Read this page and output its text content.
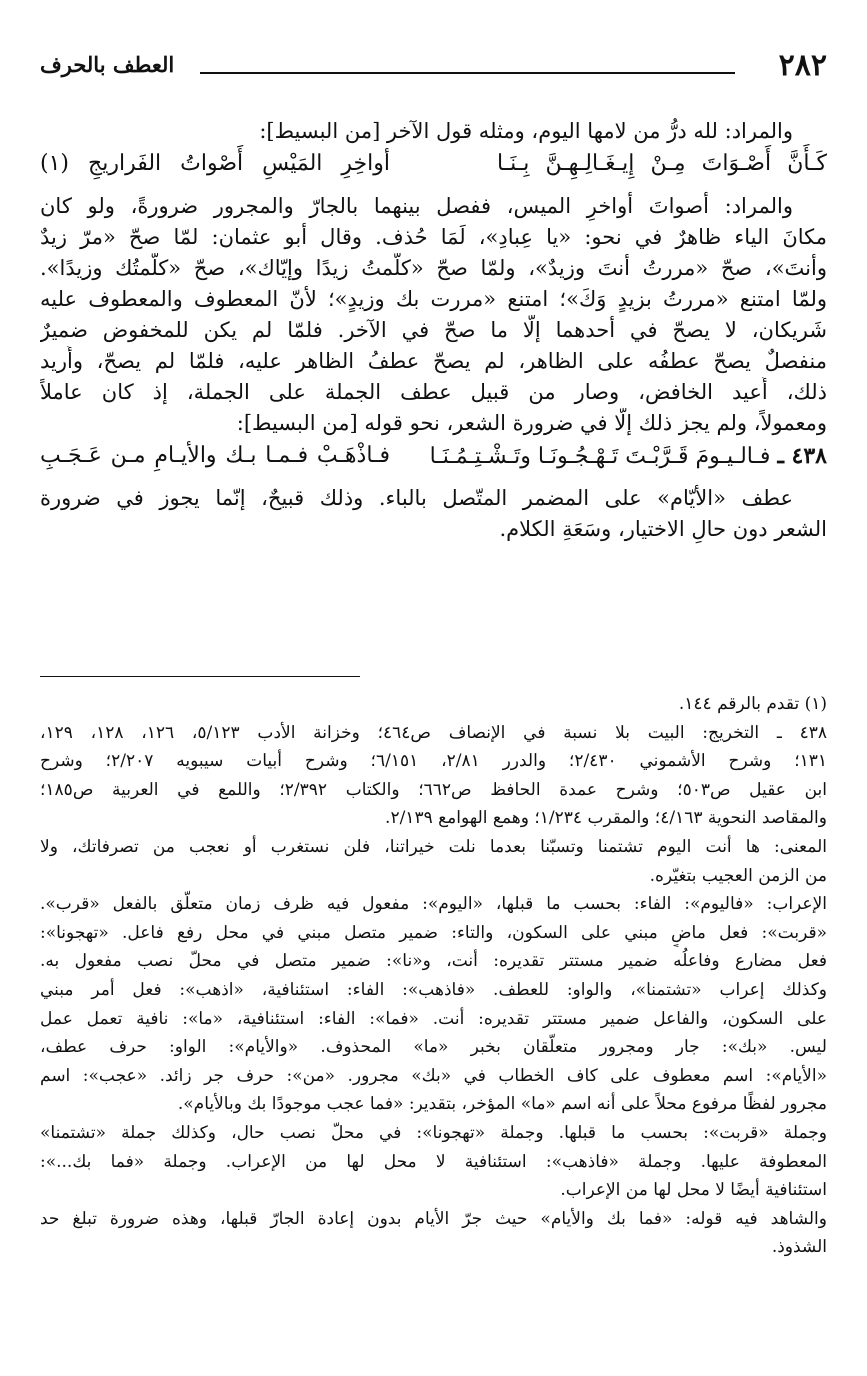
٢٨٢
العطف بالحرف
والمراد: لله درُّ من لامها اليوم، ومثله قول الآخر [من البسيط]:
كَـأَنَّ أَصْـوَاتَ مِـنْ إِيـغَـالِـهِـنَّ بِـنَـا
أواخِرِ المَيْسِ أَصْواتُ الفَراريجِ (١)
والمراد: أصواتَ أواخرِ الميس، ففصل بينهما بالجارّ والمجرور ضرورةً، ولو كان
مكانَ الياء ظاهرٌ في نحو: «يا عِبادِ»، لَمَا حُذف. وقال أبو عثمان: لمّا صحّ «مرّ زيدٌ
وأنتَ»، صحّ «مررتُ أنتَ وزيدٌ»، ولمّا صحّ «كلّمتُ زيدًا وإيّاك»، صحّ «كلّمتُك وزيدًا».
ولمّا امتنع «مررتُ بزيدٍ وَكَ»؛ امتنع «مررت بك وزيدٍ»؛ لأنّ المعطوف والمعطوف عليه
شَريكان، لا يصحّ في أحدهما إلّا ما صحّ في الآخر. فلمّا لم يكن للمخفوض ضميرٌ
منفصلٌ يصحّ عطفُه على الظاهر، لم يصحّ عطفُ الظاهر عليه، فلمّا لم يصحّ، وأُريد
ذلك، أُعيد الخافض، وصار من قبيل عطف الجملة على الجملة، إذ كان عاملاً
ومعمولاً، ولم يجز ذلك إلّا في ضرورة الشعر، نحو قوله [من البسيط]:
٤٣٨ ـ فـالـيـومَ قَـرَّبْـتَ تَـهْـجُـونَـا وتَـشْـتِـمُـنَـا
فـاذْهَـبْ فـمـا بـك والأيـامِ مـن عَـجَـبِ
عطف «الأيّام» على المضمر المتّصل بالباء. وذلك قبيحٌ، إنّما يجوز في ضرورة
الشعر دون حالِ الاختيار، وسَعَةِ الكلام.
(١) تقدم بالرقم ١٤٤.
٤٣٨ ـ التخريج: البيت بلا نسبة في الإنصاف ص٤٦٤؛ وخزانة الأدب ٥/١٢٣، ١٢٦، ١٢٨، ١٢٩،
١٣١؛ وشرح الأشموني ٢/٤٣٠؛ والدرر ٢/٨١، ٦/١٥١؛ وشرح أبيات سيبويه ٢/٢٠٧؛ وشرح
ابن عقيل ص٥٠٣؛ وشرح عمدة الحافظ ص٦٦٢؛ والكتاب ٢/٣٩٢؛ واللمع في العربية ص١٨٥؛
والمقاصد النحوية ٤/١٦٣؛ والمقرب ١/٢٣٤؛ وهمع الهوامع ٢/١٣٩.
المعنى: ها أنت اليوم تشتمنا وتسبّنا بعدما نلت خيراتنا، فلن نستغرب أو نعجب من تصرفاتك، ولا
من الزمن العجيب بتغيّره.
الإعراب: «فاليوم»: الفاء: بحسب ما قبلها، «اليوم»: مفعول فيه ظرف زمان متعلّق بالفعل «قرب».
«قربت»: فعل ماضٍ مبني على السكون، والتاء: ضمير متصل مبني في محل رفع فاعل. «تهجونا»:
فعل مضارع وفاعلُه ضمير مستتر تقديره: أنت، و«نا»: ضمير متصل في محلّ نصب مفعول به.
وكذلك إعراب «تشتمنا»، والواو: للعطف. «فاذهب»: الفاء: استئنافية، «اذهب»: فعل أمر مبني
على السكون، والفاعل ضمير مستتر تقديره: أنت. «فما»: الفاء: استئنافية، «ما»: نافية تعمل عمل
ليس. «بك»: جار ومجرور متعلّقان بخبر «ما» المحذوف. «والأيام»: الواو: حرف عطف،
«الأيام»: اسم معطوف على كاف الخطاب في «بك» مجرور. «من»: حرف جر زائد. «عجب»: اسم
مجرور لفظًا مرفوع محلاً على أنه اسم «ما» المؤخر، بتقدير: «فما عجب موجودًا بك وبالأيام».
وجملة «قربت»: بحسب ما قبلها. وجملة «تهجونا»: في محلّ نصب حال، وكذلك جملة «تشتمنا»
المعطوفة عليها. وجملة «فاذهب»: استئنافية لا محل لها من الإعراب. وجملة «فما بك...»:
استئنافية أيضًا لا محل لها من الإعراب.
والشاهد فيه قوله: «فما بك والأيام» حيث جرّ الأيام بدون إعادة الجارّ قبلها، وهذه ضرورة تبلغ حد
الشذوذ.
